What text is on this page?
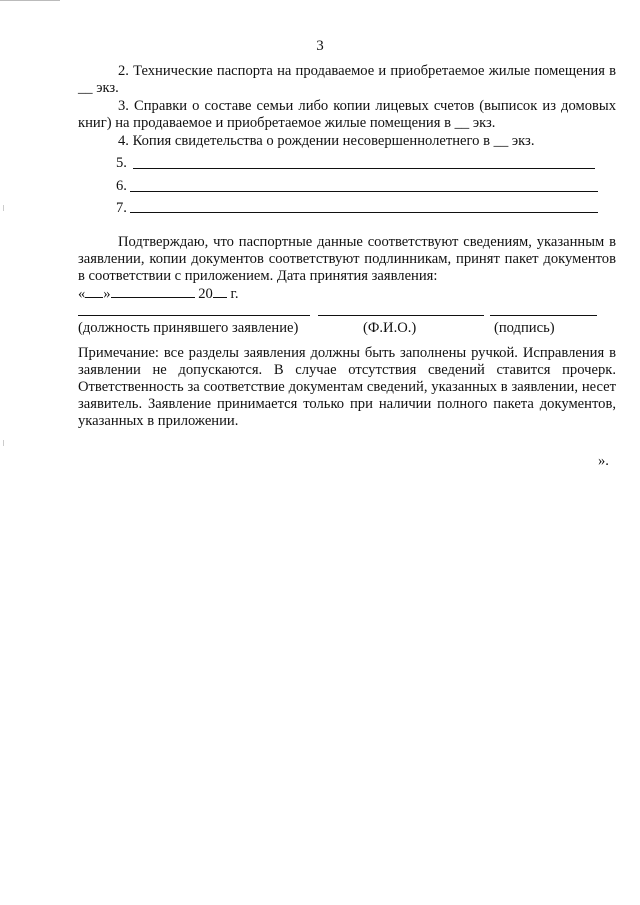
3

2. Технические паспорта на продаваемое и приобретаемое жилые помещения в __ экз.

3. Справки о составе семьи либо копии лицевых счетов (выписок из домовых книг) на продаваемое и приобретаемое жилые помещения в __ экз.

4. Копия свидетельства о рождении несовершеннолетнего в __ экз.

5.
6.
7.

Подтверждаю, что паспортные данные соответствуют сведениям, указанным в заявлении, копии документов соответствуют подлинникам, принят пакет документов в соответствии с приложением. Дата принятия заявления:

« »	20 г.
(должность принявшего заявление)	(Ф.И.О.)	(подпись)

Примечание: все разделы заявления должны быть заполнены ручкой. Исправления в заявлении не допускаются. В случае отсутствия сведений ставится прочерк. Ответственность за соответствие документам сведений, указанных в заявлении, несет заявитель. Заявление принимается только при наличии полного пакета документов, указанных в приложении.

».
